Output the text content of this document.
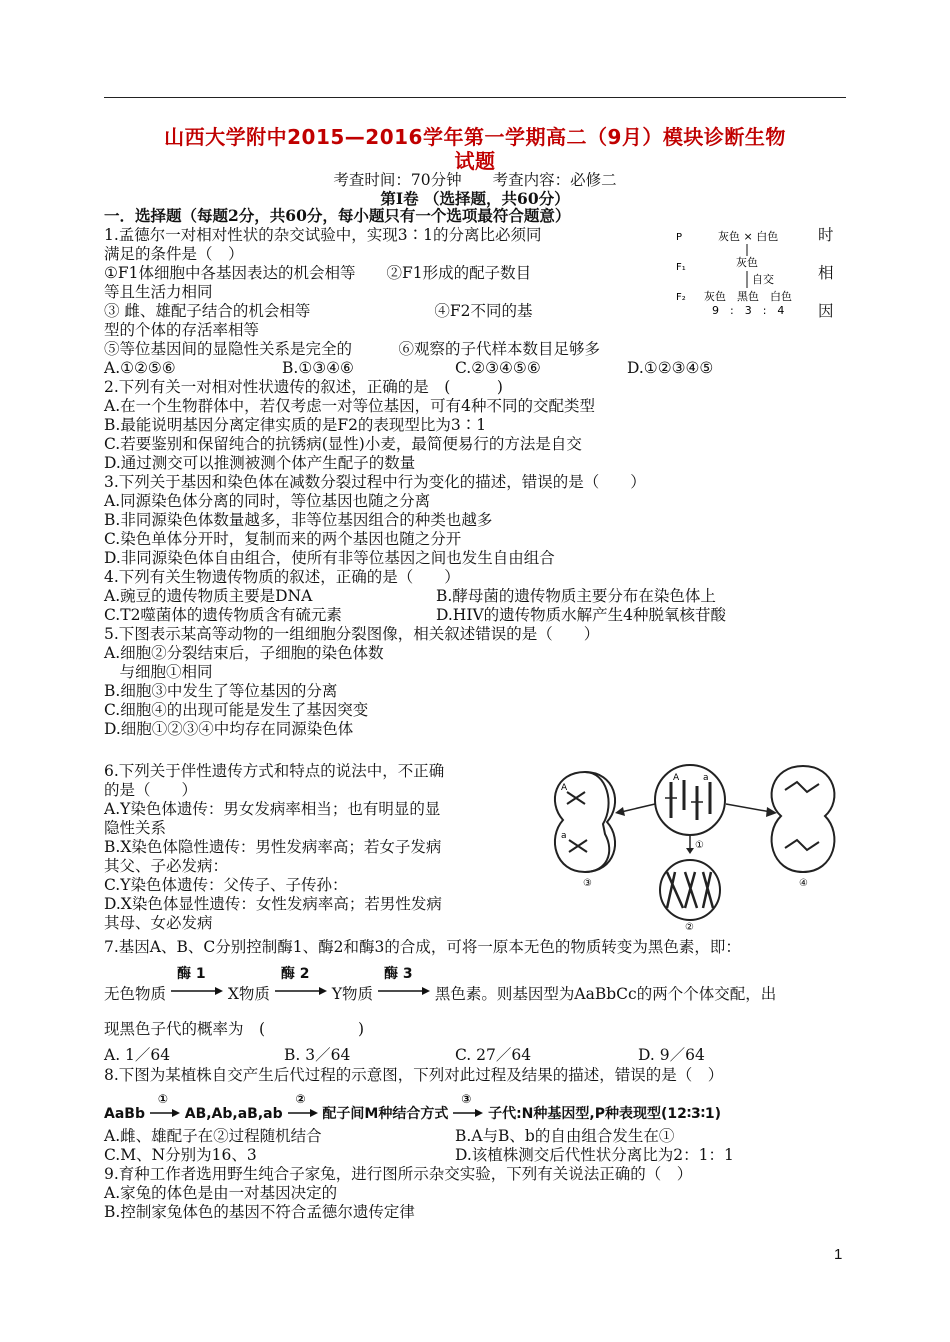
山西大学附中2015—2016学年第一学期高二（9月）模块诊断生物
试题
考查时间：70分钟　　考查内容：必修二
第Ⅰ卷 （选择题，共60分）
一．选择题（每题2分，共60分，每小题只有一个选项最符合题意）
1.孟德尔一对相对性状的杂交试验中，实现3∶1的分离比必须同	时
满足的条件是（　）
①F1体细胞中各基因表达的机会相等　　②F1形成的配子数目	相
等且生活力相同
③ 雌、雄配子结合的机会相等　　　　　　　　④F2不同的基	因
型的个体的存活率相等
⑤等位基因间的显隐性关系是完全的　　　⑥观察的子代样本数目足够多
A.①②⑤⑥	B.①③④⑥	C.②③④⑤⑥	D.①②③④⑤
P	灰色 × 白色
F₁	灰色
自交
F₂ 灰色　黑色　白色
9　:　3　:　4
2.下列有关一对相对性状遗传的叙述，正确的是　(　　　)
A.在一个生物群体中，若仅考虑一对等位基因，可有4种不同的交配类型
B.最能说明基因分离定律实质的是F2的表现型比为3∶1
C.若要鉴别和保留纯合的抗锈病(显性)小麦，最简便易行的方法是自交
D.通过测交可以推测被测个体产生配子的数量
3.下列关于基因和染色体在减数分裂过程中行为变化的描述，错误的是（　　）
A.同源染色体分离的同时，等位基因也随之分离
B.非同源染色体数量越多，非等位基因组合的种类也越多
C.染色单体分开时，复制而来的两个基因也随之分开
D.非同源染色体自由组合，使所有非等位基因之间也发生自由组合
4.下列有关生物遗传物质的叙述，正确的是（　　）
A.豌豆的遗传物质主要是DNA	B.酵母菌的遗传物质主要分布在染色体上
C.T2噬菌体的遗传物质含有硫元素	D.HIV的遗传物质水解产生4种脱氧核苷酸
5.下图表示某高等动物的一组细胞分裂图像，相关叙述错误的是（　　）
A.细胞②分裂结束后，子细胞的染色体数
　与细胞①相同
B.细胞③中发生了等位基因的分离
C.细胞④的出现可能是发生了基因突变
D.细胞①②③④中均存在同源染色体
A
a
③
A	a
①
②
④
6.下列关于伴性遗传方式和特点的说法中，不正确
的是（　　）
A.Y染色体遗传：男女发病率相当；也有明显的显
隐性关系
B.X染色体隐性遗传：男性发病率高；若女子发病
其父、子必发病：
C.Y染色体遗传：父传子、子传孙：
D.X染色体显性遗传：女性发病率高；若男性发病
其母、女必发病
7.基因A、B、C分别控制酶1、酶2和酶3的合成，可将一原本无色的物质转变为黑色素，即：
无色物质
酶 1
X物质
酶 2
Y物质
酶 3
黑色素。则基因型为AaBbCc的两个个体交配，出
现黑色子代的概率为　(　　　　　　)
A. 1／64	B. 3／64	C. 27／64	D. 9／64
8.下图为某植株自交产生后代过程的示意图，下列对此过程及结果的描述，错误的是（　）
AaBb
①
AB,Ab,aB,ab
②
配子间M种结合方式
③
子代:N种基因型,P种表现型(12∶3∶1)
A.雌、雄配子在②过程随机结合	B.A与B、b的自由组合发生在①
C.M、N分别为16、3	D.该植株测交后代性状分离比为2：1：1
9.育种工作者选用野生纯合子家兔，进行图所示杂交实验，下列有关说法正确的（　）
A.家兔的体色是由一对基因决定的
B.控制家兔体色的基因不符合孟德尔遗传定律
1
